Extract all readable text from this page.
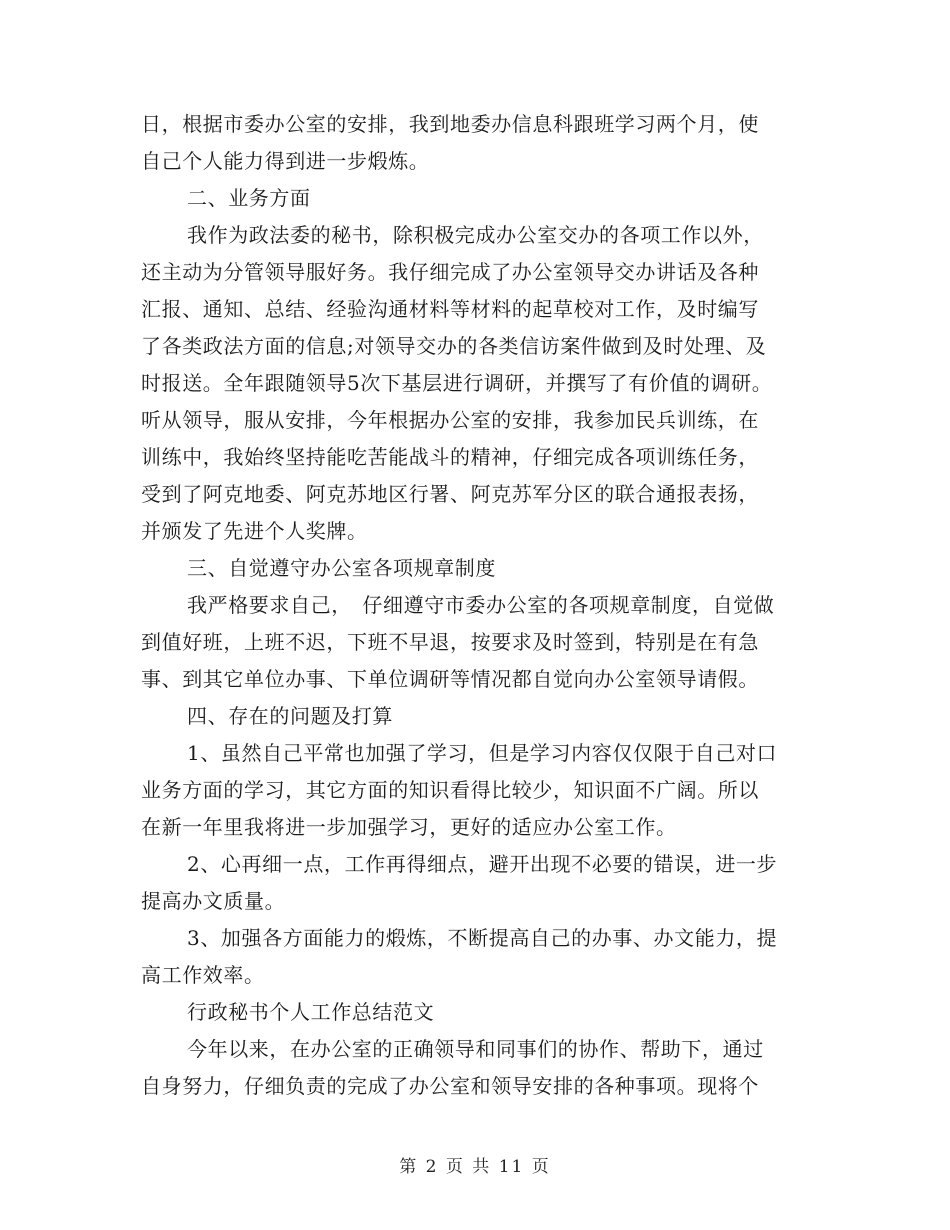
日，根据市委办公室的安排，我到地委办信息科跟班学习两个月，使
自己个人能力得到进一步煅炼。
二、业务方面
我作为政法委的秘书，除积极完成办公室交办的各项工作以外，
还主动为分管领导服好务。我仔细完成了办公室领导交办讲话及各种
汇报、通知、总结、经验沟通材料等材料的起草校对工作，及时编写
了各类政法方面的信息;对领导交办的各类信访案件做到及时处理、及
时报送。全年跟随领导5次下基层进行调研，并撰写了有价值的调研。
听从领导，服从安排，今年根据办公室的安排，我参加民兵训练，在
训练中，我始终坚持能吃苦能战斗的精神，仔细完成各项训练任务，
受到了阿克地委、阿克苏地区行署、阿克苏军分区的联合通报表扬，
并颁发了先进个人奖牌。
三、自觉遵守办公室各项规章制度
我严格要求自己，　仔细遵守市委办公室的各项规章制度，自觉做
到值好班，上班不迟，下班不早退，按要求及时签到，特别是在有急
事、到其它单位办事、下单位调研等情况都自觉向办公室领导请假。
四、存在的问题及打算
1、虽然自己平常也加强了学习，但是学习内容仅仅限于自己对口
业务方面的学习，其它方面的知识看得比较少，知识面不广阔。所以
在新一年里我将进一步加强学习，更好的适应办公室工作。
2、心再细一点，工作再得细点，避开出现不必要的错误，进一步
提高办文质量。
3、加强各方面能力的煅炼，不断提高自己的办事、办文能力，提
高工作效率。
行政秘书个人工作总结范文
今年以来，在办公室的正确领导和同事们的协作、帮助下，通过
自身努力，仔细负责的完成了办公室和领导安排的各种事项。现将个
第 2 页 共 11 页
